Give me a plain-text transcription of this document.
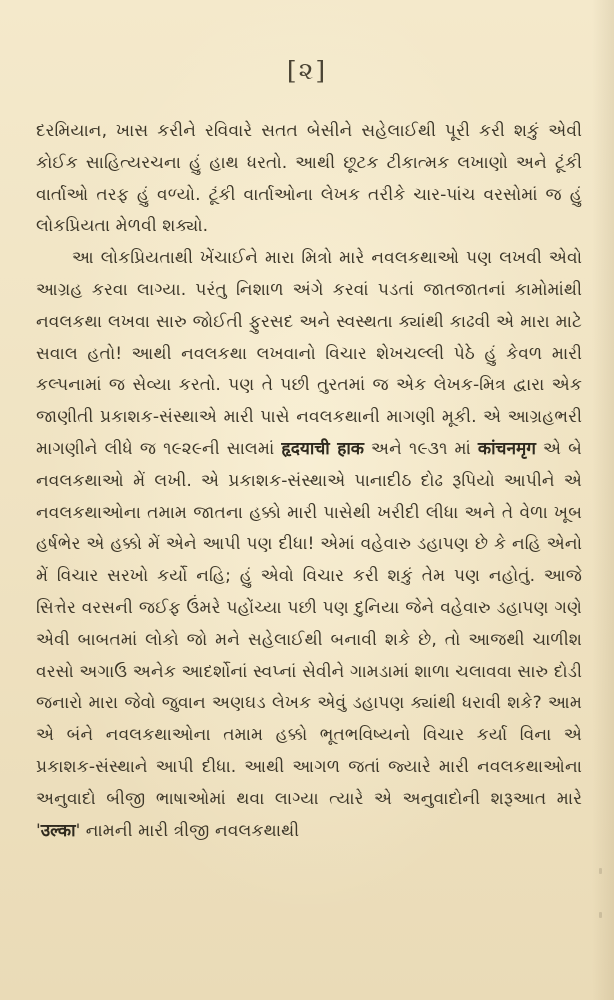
[૨]

દરમિયાન, ખાસ કરીને રવિવારે સતત બેસીને સહેલાઈથી પૂરી કરી શકું એવી કોઈક સાહિત્યરચના હું હાથ ધરતો. આથી છૂટક ટીકાત્મક લખાણો અને ટૂંકી વાર્તાઓ તરફ હું વળ્યો. ટૂંકી વાર્તાઓના લેખક તરીકે ચાર-પાંચ વરસોમાં જ હું લોકપ્રિયતા મેળવી શક્યો.

આ લોકપ્રિયતાથી ખેંચાઈને મારા મિત્રો મારે નવલકથાઓ પણ લખવી એવો આગ્રહ કરવા લાગ્યા. પરંતુ નિશાળ અંગે કરવાં પડતાં જાતજાતનાં કામોમાંથી નવલકથા લખવા સારુ જોઈતી ફુરસદ અને સ્વસ્થતા ક્યાંથી કાઢવી એ મારા માટે સવાલ હતો! આથી નવલકથા લખવાનો વિચાર શેખચલ્લી પેઠે હું કેવળ મારી કલ્પનામાં જ સેવ્યા કરતો. પણ તે પછી તુરતમાં જ એક લેખક-મિત્ર દ્વારા એક જાણીતી પ્રકાશક-સંસ્થાએ મારી પાસે નવલકથાની માગણી મૂકી. એ આગ્રહભરી માગણીને લીધે જ ૧૯૨૯ની સાલમાં हृदयाची हाक અને ૧૯૩૧ માં कांचनमृग એ બે નવલકથાઓ મેં લખી. એ પ્રકાશક-સંસ્થાએ પાનાદીઠ દોઢ રૂપિયો આપીને એ નવલકથાઓના તમામ જાતના હક્કો મારી પાસેથી ખરીદી લીધા અને તે વેળા ખૂબ હર્ષભેર એ હક્કો મેં એને આપી પણ દીધા! એમાં વહેવારુ ડહાપણ છે કે નહિ એનો મેં વિચાર સરખો કર્યો નહિ; હું એવો વિચાર કરી શકું તેમ પણ નહોતું. આજે સિત્તેર વરસની જઈફ ઉંમરે પહોંચ્યા પછી પણ દુનિયા જેને વહેવારુ ડહાપણ ગણે એવી બાબતમાં લોકો જો મને સહેલાઈથી બનાવી શકે છે, તો આજથી ચાળીશ વરસો અગાઉ અનેક આદર્શોનાં સ્વપ્નાં સેવીને ગામડામાં શાળા ચલાવવા સારુ દોડી જનારો મારા જેવો જુવાન અણઘડ લેખક એવું ડહાપણ ક્યાંથી ધરાવી શકે? આમ એ બંને નવલકથાઓના તમામ હક્કો ભૂતભવિષ્યનો વિચાર કર્યા વિના એ પ્રકાશક-સંસ્થાને આપી દીધા. આથી આગળ જતાં જ્યારે મારી નવલકથાઓના અનુવાદો બીજી ભાષાઓમાં થવા લાગ્યા ત્યારે એ અનુવાદોની શરૂઆત મારે 'उल्का' નામની મારી ત્રીજી નવલકથાથી
